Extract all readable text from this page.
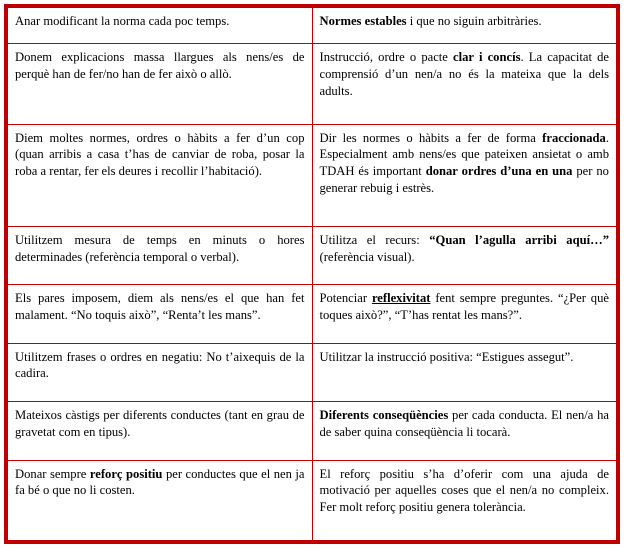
Anar modificant la norma cada poc temps.	Normes estables i que no siguin arbitràries.

Donem explicacions massa llargues als nens/es de perquè han de fer/no han de fer això o allò.	Instrucció, ordre o pacte clar i concís. La capacitat de comprensió d’un nen/a no és la mateixa que la dels adults.

Diem moltes normes, ordres o hàbits a fer d’un cop (quan arribis a casa t’has de canviar de roba, posar la roba a rentar, fer els deures i recollir l’habitació).	Dir les normes o hàbits a fer de forma fraccionada. Especialment amb nens/es que pateixen ansietat o amb TDAH és important donar ordres d’una en una per no generar rebuig i estrès.

Utilitzem mesura de temps en minuts o hores determinades (referència temporal o verbal).	Utilitza el recurs: “Quan l’agulla arribi aquí…” (referència visual).

Els pares imposem, diem als nens/es el que han fet malament. “No toquis això”, “Renta’t les mans”.	Potenciar reflexivitat fent sempre preguntes. “¿Per què toques això?”, “T’has rentat les mans?”.

Utilitzem frases o ordres en negatiu: No t’aixequis de la cadira.	Utilitzar la instrucció positiva: “Estigues assegut”.

Mateixos càstigs per diferents conductes (tant en grau de gravetat com en tipus).	Diferents conseqüències per cada conducta. El nen/a ha de saber quina conseqüència li tocarà.

Donar sempre reforç positiu per conductes que el nen ja fa bé o que no li costen.	El reforç positiu s’ha d’oferir com una ajuda de motivació per aquelles coses que el nen/a no compleix. Fer molt reforç positiu genera tolerància.
